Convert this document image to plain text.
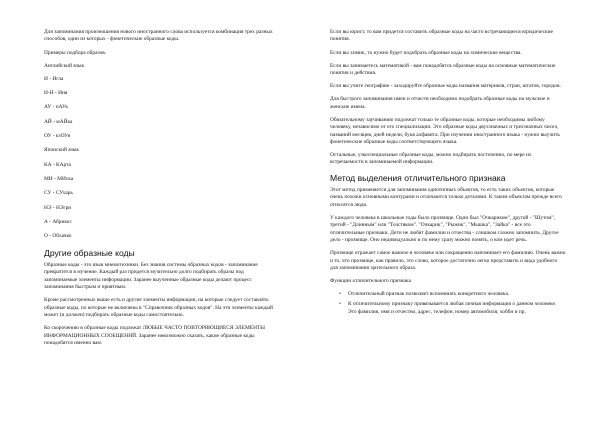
Для запоминания произношения нового иностранного слова используется комбинация трех разных способов, один из которых - фонетические образные коды.

Примеры подбора образов.

Английский язык

И - Игла

И-Н - Иня

АУ - пАУк

АЙ - мАЙка

ОУ - кзОУн

Японский язык

КА - КАрта

МИ - МИска

СУ - СУхарь

НЭ - НЭгри

А - Абрикос

О - Облачко

Другие образные коды

Образные коды - это язык мнемотехники. Без знания системы образных кодов - запоминание превратится в мучение. Каждый раз придется мучительно долго подбирать образы под запоминаемые элементы информации. Заранее выученные образные коды делают процесс запоминания быстрым и приятным.

Кроме рассмотренных выше есть и другие элементы информации, на которые следует составлять образные коды, по которые не включены в "Справочник образных кодов". На эти элементы каждый может (и должен) подбирать образные коды самостоятельно.

Ко скорочению в образные коды подлежат ЛЮБЫЕ ЧАСТО ПОВТОРЯЮЩИЕСЯ ЭЛЕМЕНТЫ ИНФОРМАЦИОННЫХ СООБЩЕНИЙ. Заранее невозможно сказать, какие образные коды понадобятся именно вам.

Если вы юрист, то вам придется составить образные коды на часто встречающиеся юридические понятия.

Если вы химик, то нужно будет подобрать образные коды на химические вещества.

Если вы занимаетесь математикой - вам понадобятся образные коды на основные математические понятия и действия.

Если вы учите географию - заходируйте образные коды названия материков, стран, штатов, городов.

Для быстрого запоминания имен и отчеств необходимо подобрать образные коды на мужские и женские имена.

Обязательному заучиванию подлежат только те образные коды, которые необходимы любому человеку, независимо от его специализации. Это образные коды двухзначных и трехзначных чисел, названий месяцев, дней недели, букв алфавита. При изучении иностранного языка - нужно выучить фонетические образные коды соответствующего языка.

Остальные, узкоспециальные образные коды, можно подбирать постепенно, по мере их встречаемости в запоминаемой информации.

Метод выделения отличительного признака

Этот метод применяется для запоминания однотипных объектов, то есть таких объектов, которые очень похожи основными контурами и отличаются только деталями. К таким объектам прежде всего относятся люди.

У каждого человека в школьные годы было прозвище. Один был "Очкариком", другой - "Шутом", третий - "Длинным" или "Толстяком". "Очкарик", "Рыжик", "Мышка", "Зайка" - все это отличительные признаки. Дети не любят фамилии и отчества - слишком сложно запомнить. Другое дело - прозвище. Оно индивидуально и по нему сразу можно понять, о ком идет речь.

Прозвище отражает самое важное в человеке или сокращенно напоминает его фамилию. Очень важно и то, что прозвище, как правило, это слово, которое достаточно легко представить и вида удобного для запоминания зрительного образа.

Функции отличительного признака

• Отличительный признак позволяет вспоминать конкретного человека.
• К отличительному признаку привязывается любая личная информация о данном человеке. Это фамилия, имя и отчество, адрес, телефон, номер автомобиля, хобби и пр.
